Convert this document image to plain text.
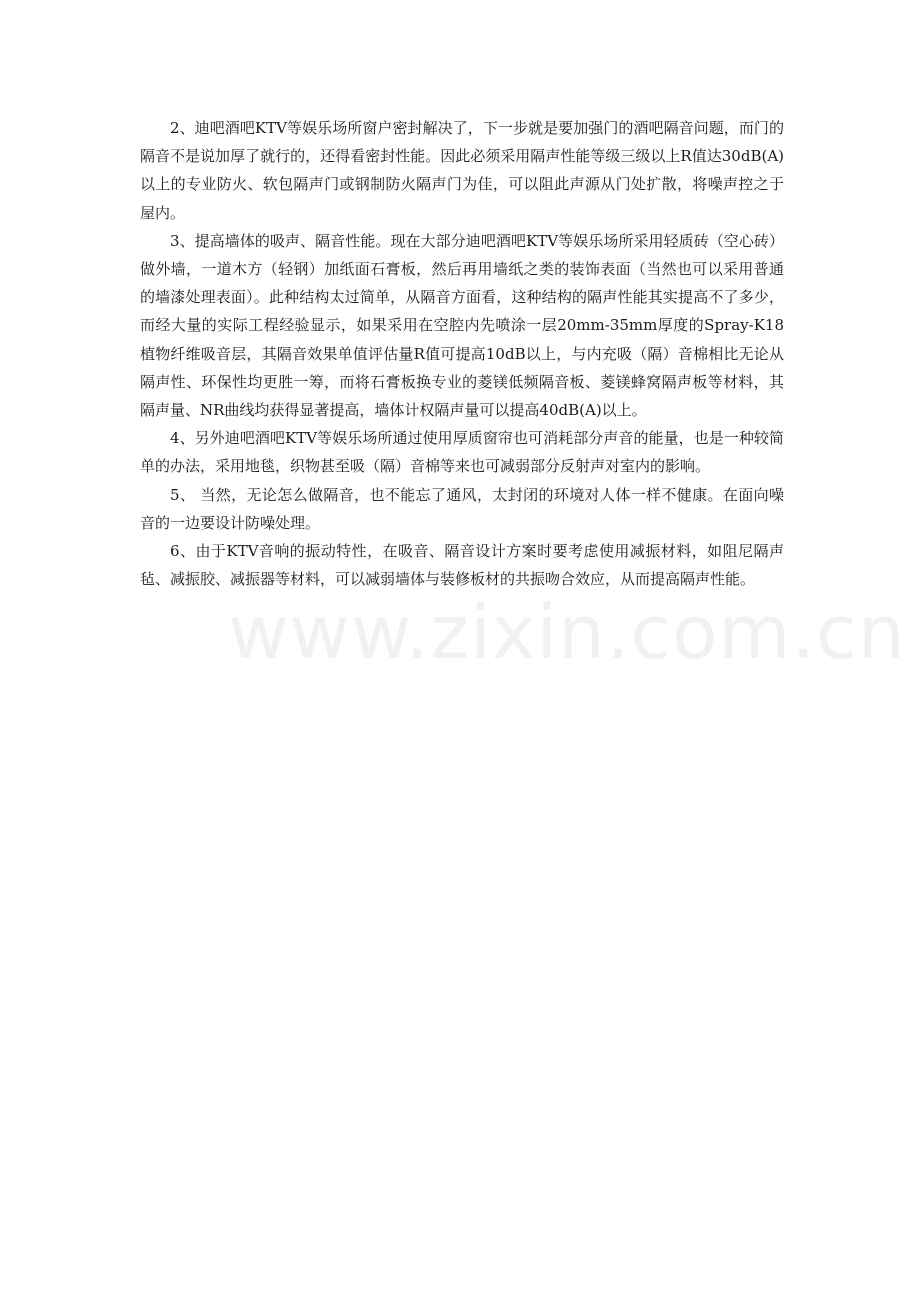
2、迪吧酒吧KTV等娱乐场所窗户密封解决了，下一步就是要加强门的酒吧隔音问题，而门的隔音不是说加厚了就行的，还得看密封性能。因此必须采用隔声性能等级三级以上R值达30dB(A)以上的专业防火、软包隔声门或钢制防火隔声门为佳，可以阻此声源从门处扩散，将噪声控之于屋内。

3、提高墙体的吸声、隔音性能。现在大部分迪吧酒吧KTV等娱乐场所采用轻质砖（空心砖）做外墙，一道木方（轻钢）加纸面石膏板，然后再用墙纸之类的装饰表面（当然也可以采用普通的墙漆处理表面）。此种结构太过简单，从隔音方面看，这种结构的隔声性能其实提高不了多少，而经大量的实际工程经验显示，如果采用在空腔内先喷涂一层20mm-35mm厚度的Spray-K18植物纤维吸音层，其隔音效果单值评估量R值可提高10dB以上，与内充吸（隔）音棉相比无论从隔声性、环保性均更胜一筹，而将石膏板换专业的菱镁低频隔音板、菱镁蜂窝隔声板等材料，其隔声量、NR曲线均获得显著提高，墙体计权隔声量可以提高40dB(A)以上。

4、另外迪吧酒吧KTV等娱乐场所通过使用厚质窗帘也可消耗部分声音的能量，也是一种较简单的办法，采用地毯，织物甚至吸（隔）音棉等来也可减弱部分反射声对室内的影响。

5、 当然，无论怎么做隔音，也不能忘了通风，太封闭的环境对人体一样不健康。在面向噪音的一边要设计防噪处理。

6、由于KTV音响的振动特性，在吸音、隔音设计方案时要考虑使用减振材料，如阻尼隔声毡、减振胶、减振器等材料，可以减弱墙体与装修板材的共振吻合效应，从而提高隔声性能。

www.zixin.com.cn
